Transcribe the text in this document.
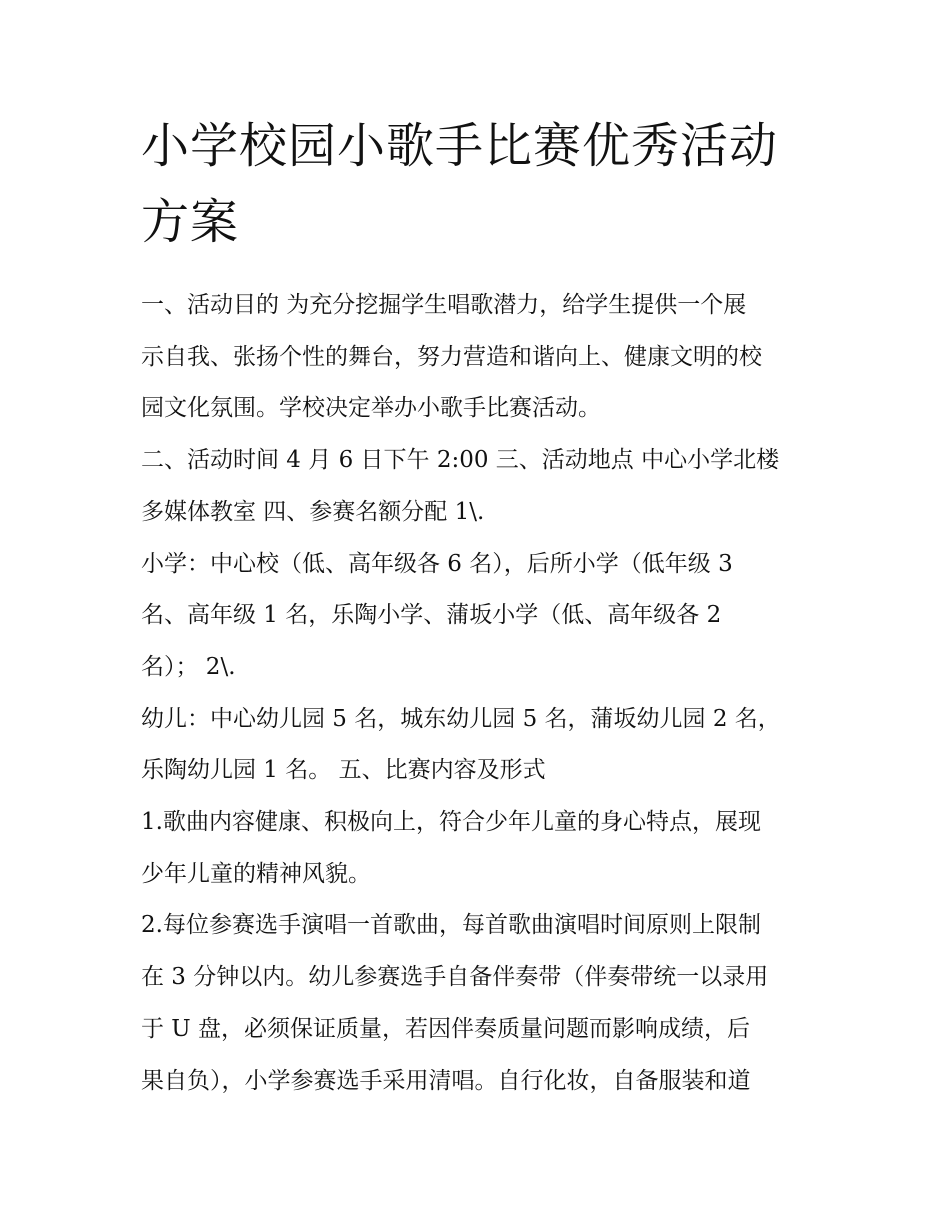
小学校园小歌手比赛优秀活动
方案

一、活动目的 为充分挖掘学生唱歌潜力，给学生提供一个展

示自我、张扬个性的舞台，努力营造和谐向上、健康文明的校

园文化氛围。学校决定举办小歌手比赛活动。

二、活动时间 4 月 6 日下午 2:00 三、活动地点 中心小学北楼

多媒体教室 四、参赛名额分配 1\.

小学：中心校（低、高年级各 6 名），后所小学（低年级 3

名、高年级 1 名，乐陶小学、蒲坂小学（低、高年级各 2

名）； 2\.

幼儿：中心幼儿园 5 名，城东幼儿园 5 名，蒲坂幼儿园 2 名，

乐陶幼儿园 1 名。 五、比赛内容及形式

1.歌曲内容健康、积极向上，符合少年儿童的身心特点，展现

少年儿童的精神风貌。

2.每位参赛选手演唱一首歌曲，每首歌曲演唱时间原则上限制

在 3 分钟以内。幼儿参赛选手自备伴奏带（伴奏带统一以录用

于 U 盘，必须保证质量，若因伴奏质量问题而影响成绩，后

果自负），小学参赛选手采用清唱。自行化妆，自备服装和道
